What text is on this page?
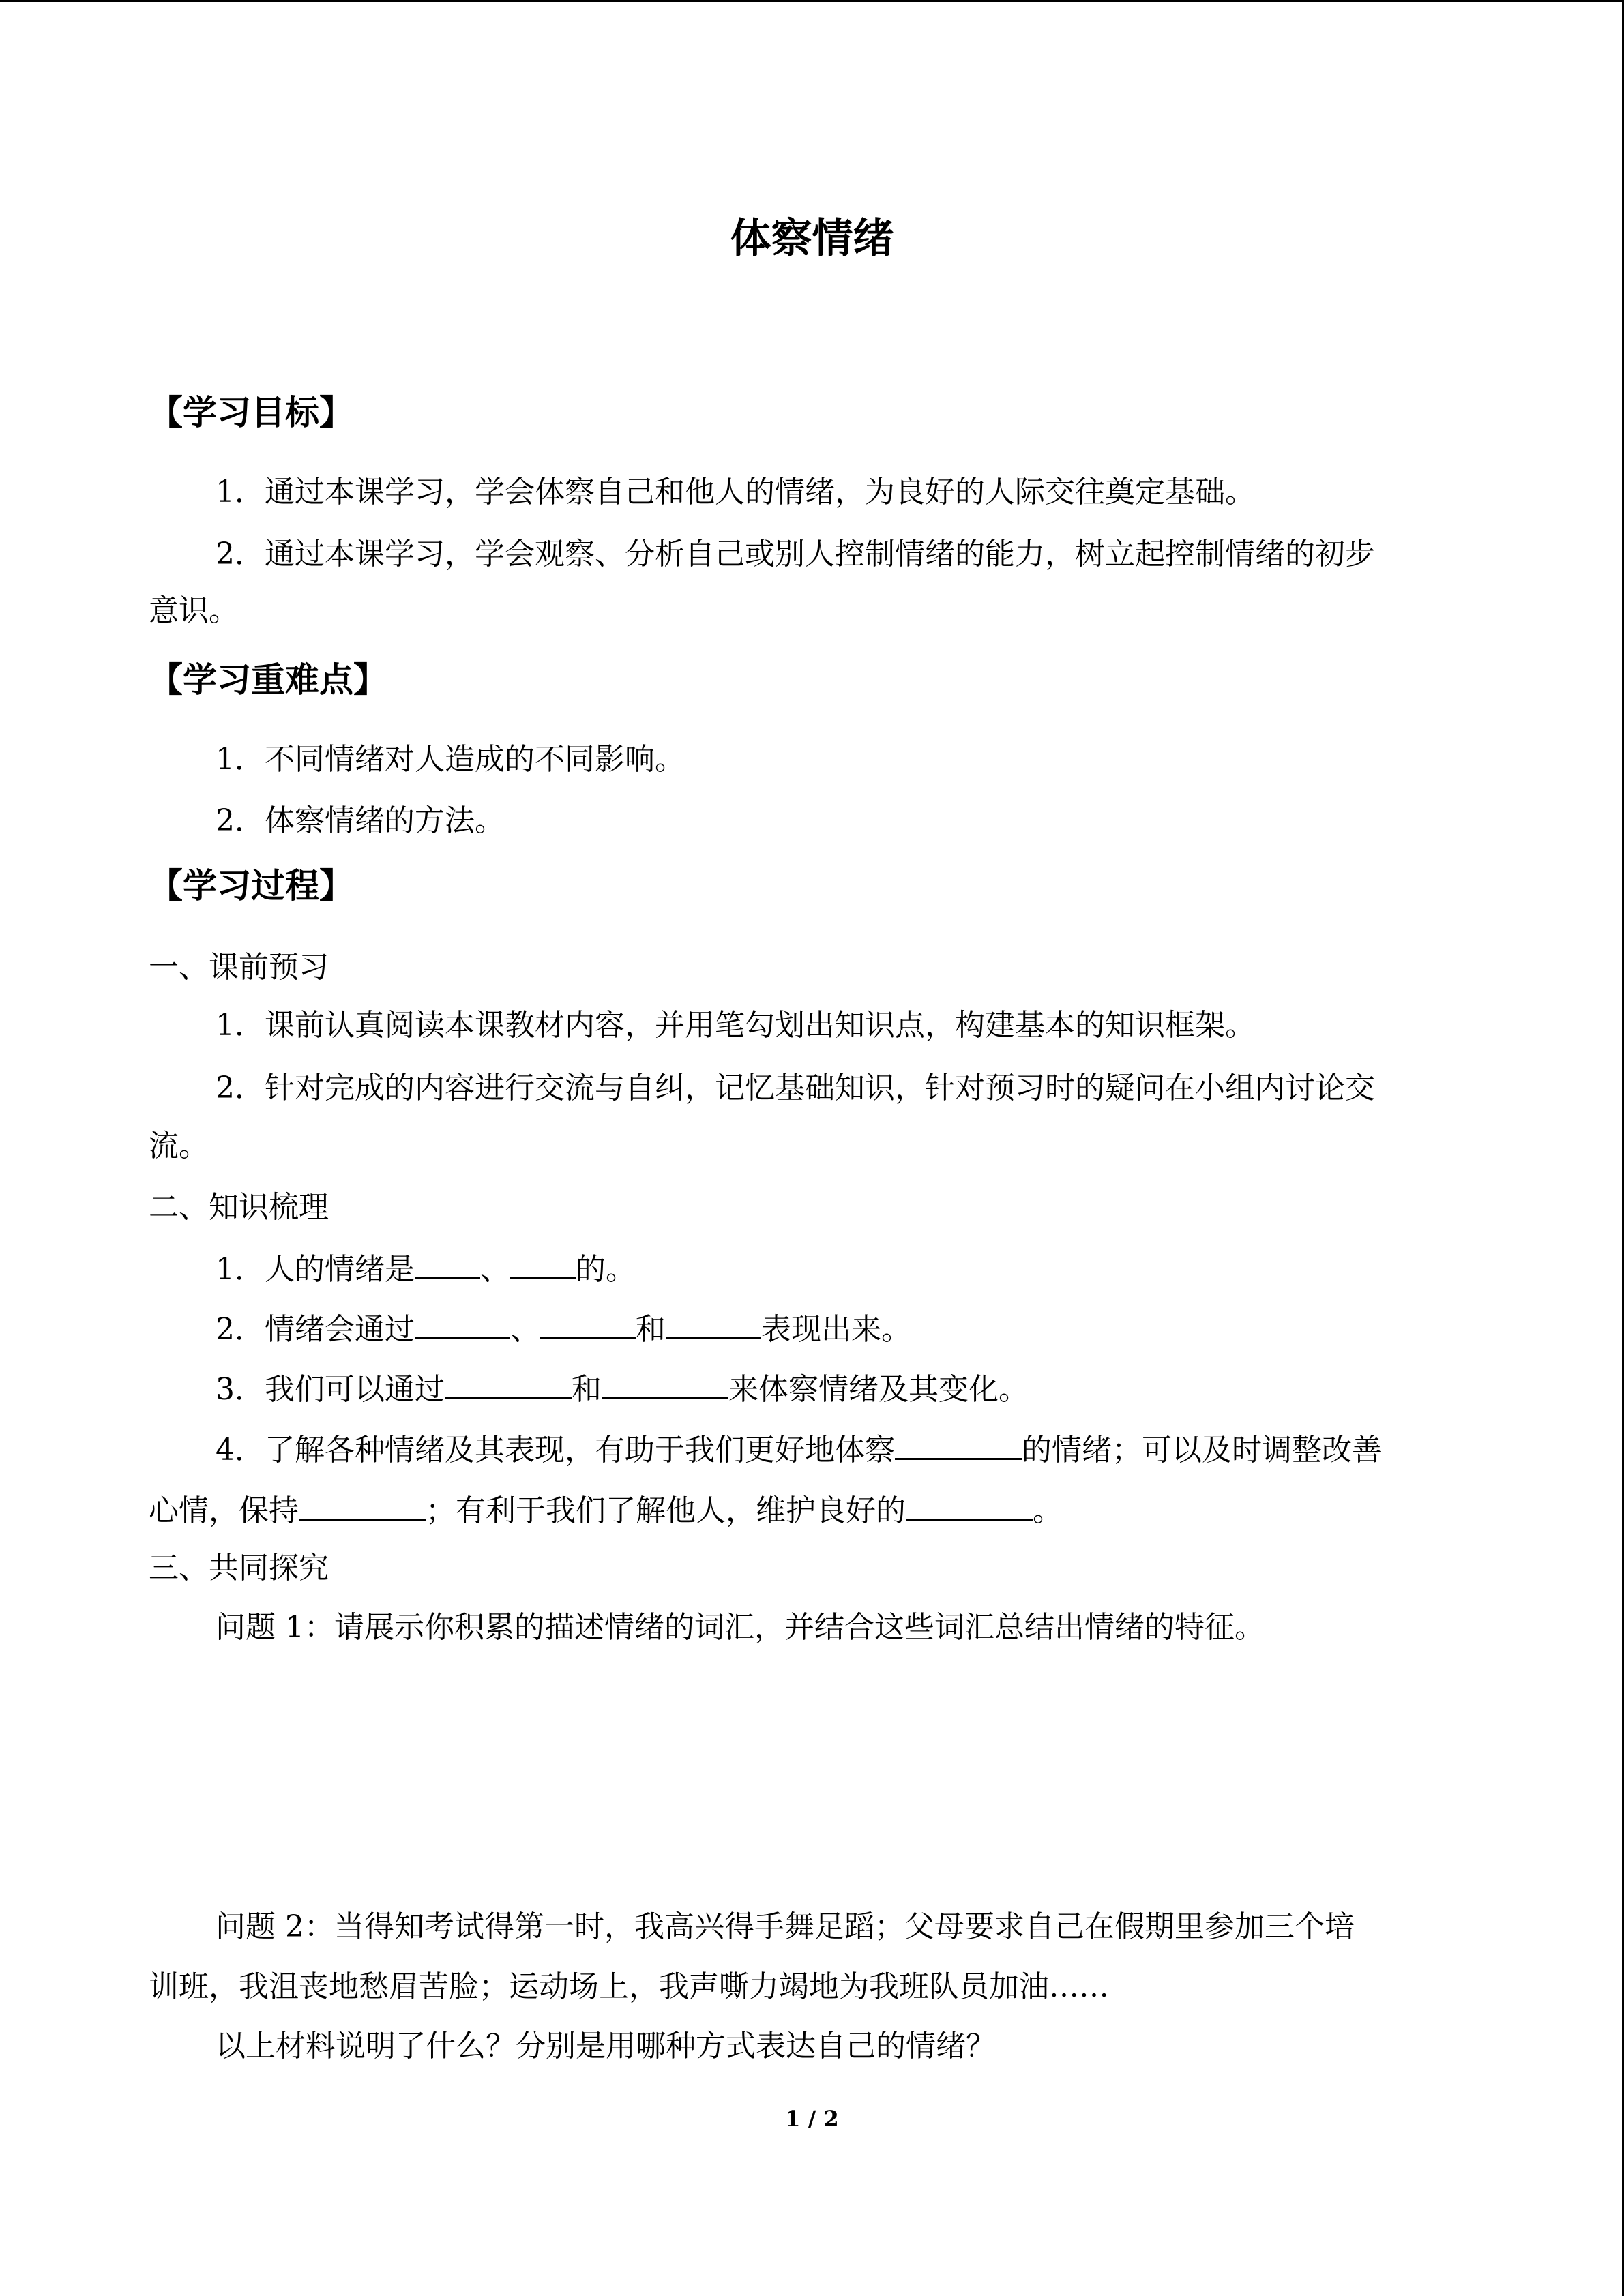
体察情绪
【学习目标】
1．通过本课学习，学会体察自己和他人的情绪，为良好的人际交往奠定基础。
2．通过本课学习，学会观察、分析自己或别人控制情绪的能力，树立起控制情绪的初步
意识。
【学习重难点】
1．不同情绪对人造成的不同影响。
2．体察情绪的方法。
【学习过程】
一、课前预习
1．课前认真阅读本课教材内容，并用笔勾划出知识点，构建基本的知识框架。
2．针对完成的内容进行交流与自纠，记忆基础知识，针对预习时的疑问在小组内讨论交
流。
二、知识梳理
1．人的情绪是 、 的。
2．情绪会通过	、	和	表现出来。
3．我们可以通过	和	来体察情绪及其变化。
4．了解各种情绪及其表现，有助于我们更好地体察	的情绪；可以及时调整改善
心情，保持	；有利于我们了解他人，维护良好的	。
三、共同探究
问题 1：请展示你积累的描述情绪的词汇，并结合这些词汇总结出情绪的特征。
问题 2：当得知考试得第一时，我高兴得手舞足蹈；父母要求自己在假期里参加三个培
训班，我沮丧地愁眉苦脸；运动场上，我声嘶力竭地为我班队员加油……
以上材料说明了什么？分别是用哪种方式表达自己的情绪？
1 / 2
